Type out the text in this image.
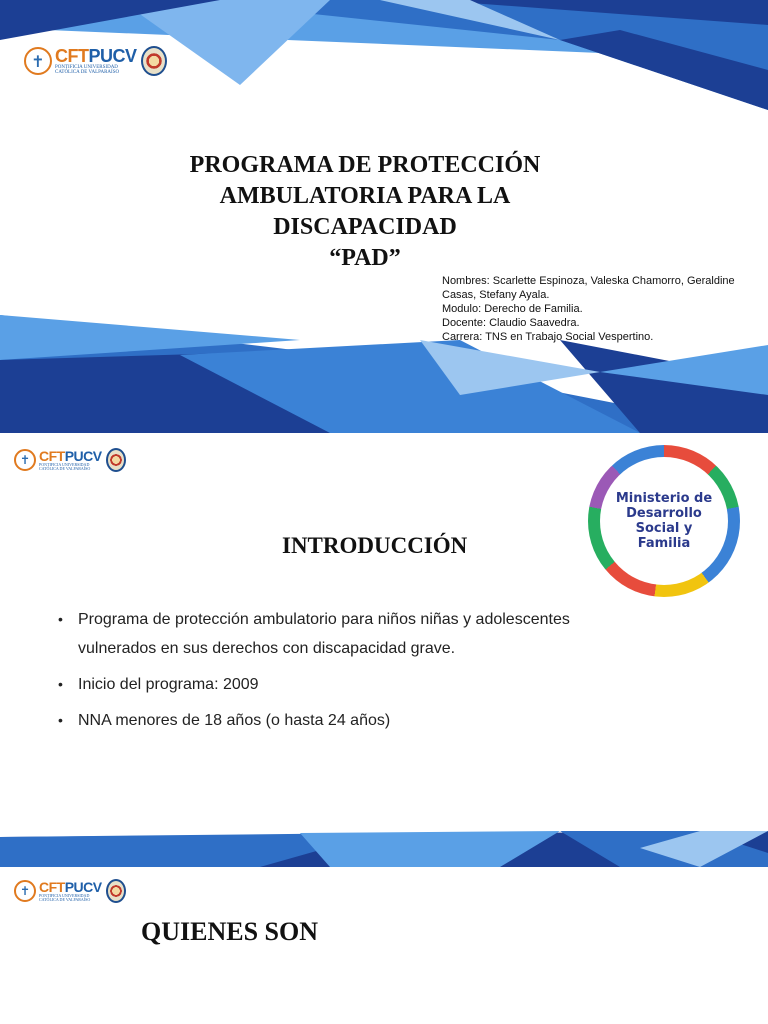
✝ CFTPUCV
PONTIFICIA UNIVERSIDAD
CATÓLICA DE VALPARAÍSO
PROGRAMA DE PROTECCIÓN
AMBULATORIA PARA LA
DISCAPACIDAD
“PAD”
Nombres: Scarlette Espinoza, Valeska Chamorro, Geraldine Casas, Stefany Ayala.
Modulo: Derecho de Familia.
Docente: Claudio Saavedra.
Carrera: TNS en Trabajo Social Vespertino.
✝ CFTPUCV
PONTIFICIA UNIVERSIDAD
CATÓLICA DE VALPARAÍSO
Ministerio de
Desarrollo
Social y
Familia
INTRODUCCIÓN
• Programa de protección ambulatorio para niños niñas y adolescentes vulnerados en sus derechos con discapacidad grave.
• Inicio del programa: 2009
• NNA menores de 18 años (o hasta 24 años)
✝ CFTPUCV
PONTIFICIA UNIVERSIDAD
CATÓLICA DE VALPARAÍSO
QUIENES SON
